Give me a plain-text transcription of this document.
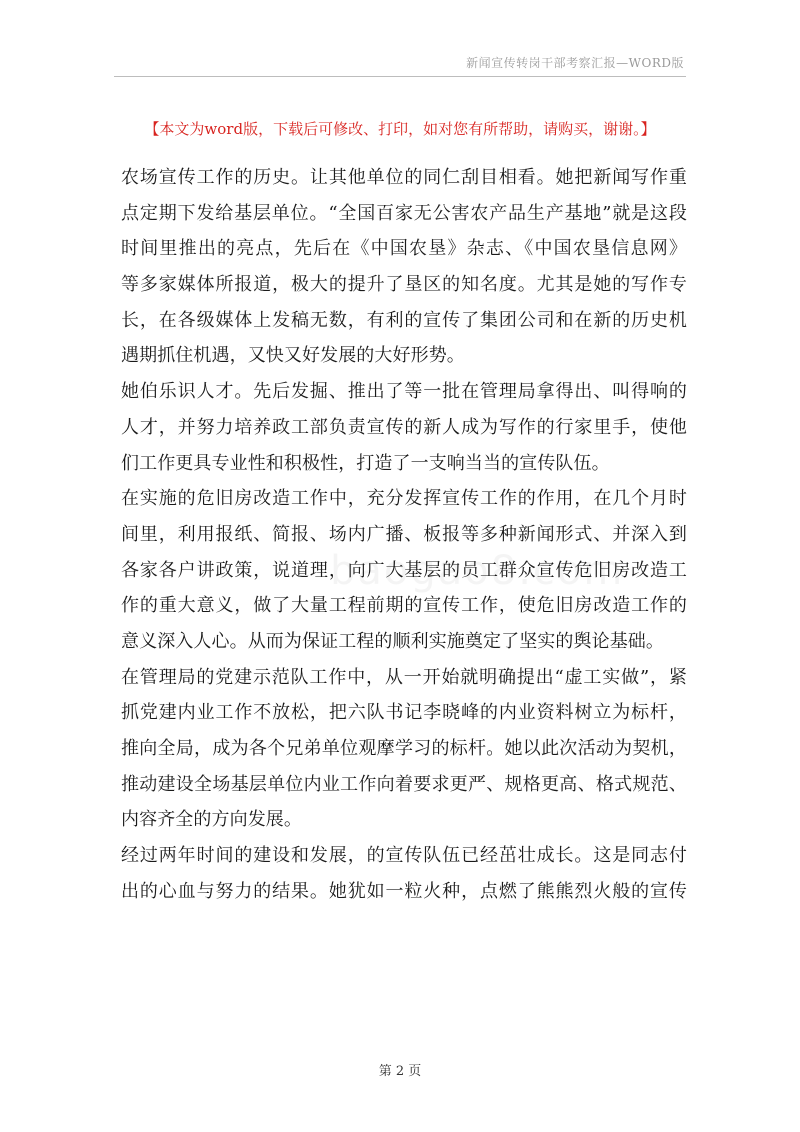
新闻宣传转岗干部考察汇报—WORD版
【本文为word版，下载后可修改、打印，如对您有所帮助，请购买，谢谢。】
农场宣传工作的历史。让其他单位的同仁刮目相看。她把新闻写作重
点定期下发给基层单位。“全国百家无公害农产品生产基地”就是这段
时间里推出的亮点，先后在《中国农垦》杂志、《中国农垦信息网》
等多家媒体所报道，极大的提升了垦区的知名度。尤其是她的写作专
长，在各级媒体上发稿无数，有利的宣传了集团公司和在新的历史机
遇期抓住机遇，又快又好发展的大好形势。
她伯乐识人才。先后发掘、推出了等一批在管理局拿得出、叫得响的
人才，并努力培养政工部负责宣传的新人成为写作的行家里手，使他
们工作更具专业性和积极性，打造了一支响当当的宣传队伍。
在实施的危旧房改造工作中，充分发挥宣传工作的作用，在几个月时
间里，利用报纸、简报、场内广播、板报等多种新闻形式、并深入到
各家各户讲政策，说道理，向广大基层的员工群众宣传危旧房改造工
作的重大意义，做了大量工程前期的宣传工作，使危旧房改造工作的
意义深入人心。从而为保证工程的顺利实施奠定了坚实的舆论基础。
在管理局的党建示范队工作中，从一开始就明确提出“虚工实做”，紧
抓党建内业工作不放松，把六队书记李晓峰的内业资料树立为标杆，
推向全局，成为各个兄弟单位观摩学习的标杆。她以此次活动为契机，
推动建设全场基层单位内业工作向着要求更严、规格更高、格式规范、
内容齐全的方向发展。
经过两年时间的建设和发展，的宣传队伍已经茁壮成长。这是同志付
出的心血与努力的结果。她犹如一粒火种，点燃了熊熊烈火般的宣传
第 2 页
